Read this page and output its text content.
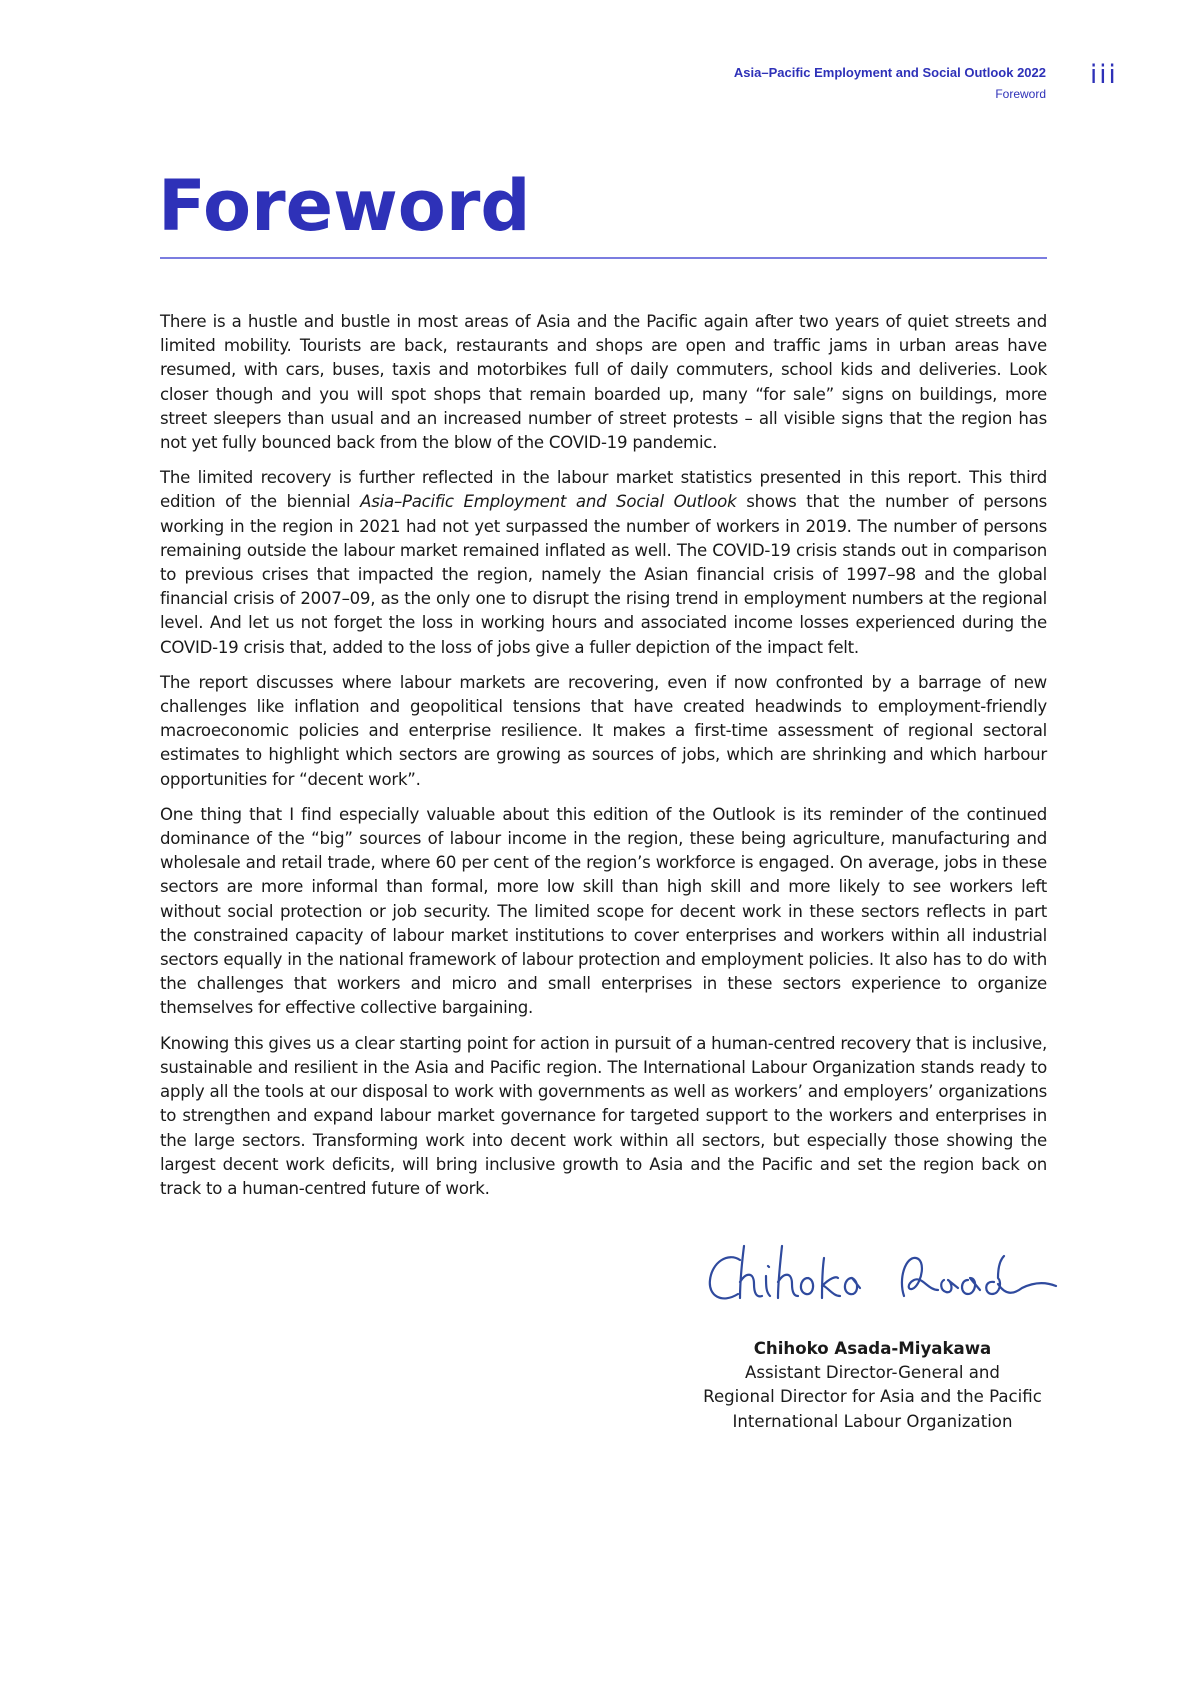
Asia–Pacific Employment and Social Outlook 2022
Foreword
iii
Foreword

There is a hustle and bustle in most areas of Asia and the Pacific again after two years of quiet streets and limited mobility. Tourists are back, restaurants and shops are open and traffic jams in urban areas have resumed, with cars, buses, taxis and motorbikes full of daily commuters, school kids and deliveries. Look closer though and you will spot shops that remain boarded up, many “for sale” signs on buildings, more street sleepers than usual and an increased number of street protests – all visible signs that the region has not yet fully bounced back from the blow of the COVID-19 pandemic.

The limited recovery is further reflected in the labour market statistics presented in this report. This third edition of the biennial Asia–Pacific Employment and Social Outlook shows that the number of persons working in the region in 2021 had not yet surpassed the number of workers in 2019. The number of persons remaining outside the labour market remained inflated as well. The COVID-19 crisis stands out in comparison to previous crises that impacted the region, namely the Asian financial crisis of 1997–98 and the global financial crisis of 2007–09, as the only one to disrupt the rising trend in employment numbers at the regional level. And let us not forget the loss in working hours and associated income losses experienced during the COVID-19 crisis that, added to the loss of jobs give a fuller depiction of the impact felt.

The report discusses where labour markets are recovering, even if now confronted by a barrage of new challenges like inflation and geopolitical tensions that have created headwinds to employment-friendly macroeconomic policies and enterprise resilience. It makes a first-time assessment of regional sectoral estimates to highlight which sectors are growing as sources of jobs, which are shrinking and which harbour opportunities for “decent work”.

One thing that I find especially valuable about this edition of the Outlook is its reminder of the continued dominance of the “big” sources of labour income in the region, these being agriculture, manufacturing and wholesale and retail trade, where 60 per cent of the region’s workforce is engaged. On average, jobs in these sectors are more informal than formal, more low skill than high skill and more likely to see workers left without social protection or job security. The limited scope for decent work in these sectors reflects in part the constrained capacity of labour market institutions to cover enterprises and workers within all industrial sectors equally in the national framework of labour protection and employment policies. It also has to do with the challenges that workers and micro and small enterprises in these sectors experience to organize themselves for effective collective bargaining.

Knowing this gives us a clear starting point for action in pursuit of a human-centred recovery that is inclusive, sustainable and resilient in the Asia and Pacific region. The International Labour Organization stands ready to apply all the tools at our disposal to work with governments as well as workers’ and employers’ organizations to strengthen and expand labour market governance for targeted support to the workers and enterprises in the large sectors. Transforming work into decent work within all sectors, but especially those showing the largest decent work deficits, will bring inclusive growth to Asia and the Pacific and set the region back on track to a human-centred future of work.

Chihoko Asada-Miyakawa
Assistant Director-General and
Regional Director for Asia and the Pacific
International Labour Organization
